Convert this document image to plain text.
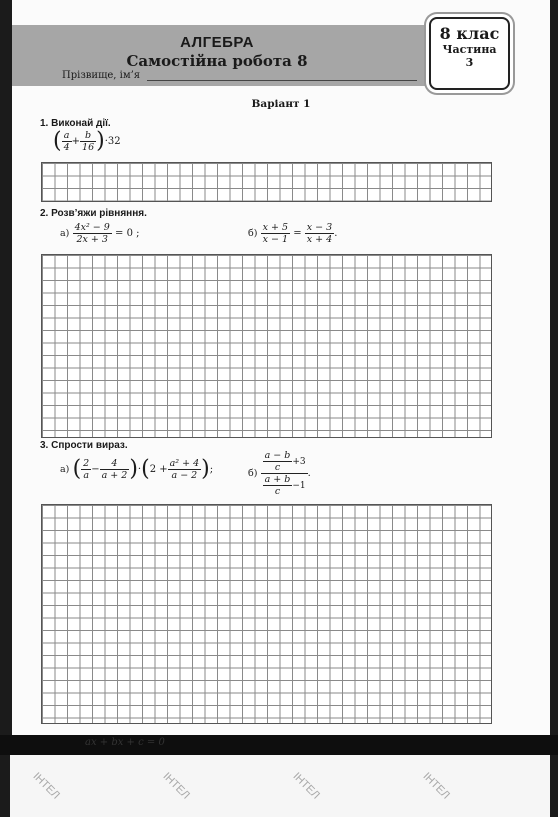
АЛГЕБРА
Самостійна робота 8
Прізвище, ім’я
8 клас
Частина
3
Варіант 1
1. Виконай дії.
( $\frac{a}{4} + \frac{b}{16} )\cdot 32$
2. Розв’яжи рівняння.
$а) \frac{\text{4x² − 9}}{2x + 3} = 0$ ;	$б) \frac{x + 5}{x - 1} = \frac{x - 3}{x + 4}$ .
3. Спрости вираз.
а) ( $\frac{2}{a} - \frac{4}{a + 2} )\cdot(2 + \frac{\text{a² + 4}}{a - 2}$ );	$б) \frac{\frac{a - b}{c} +3}{\frac{a + b}{c} -1}$ .
ax + bx + c = 0
ІНТЕЛ	ІНТЕЛ	ІНТЕЛ	ІНТЕЛ
